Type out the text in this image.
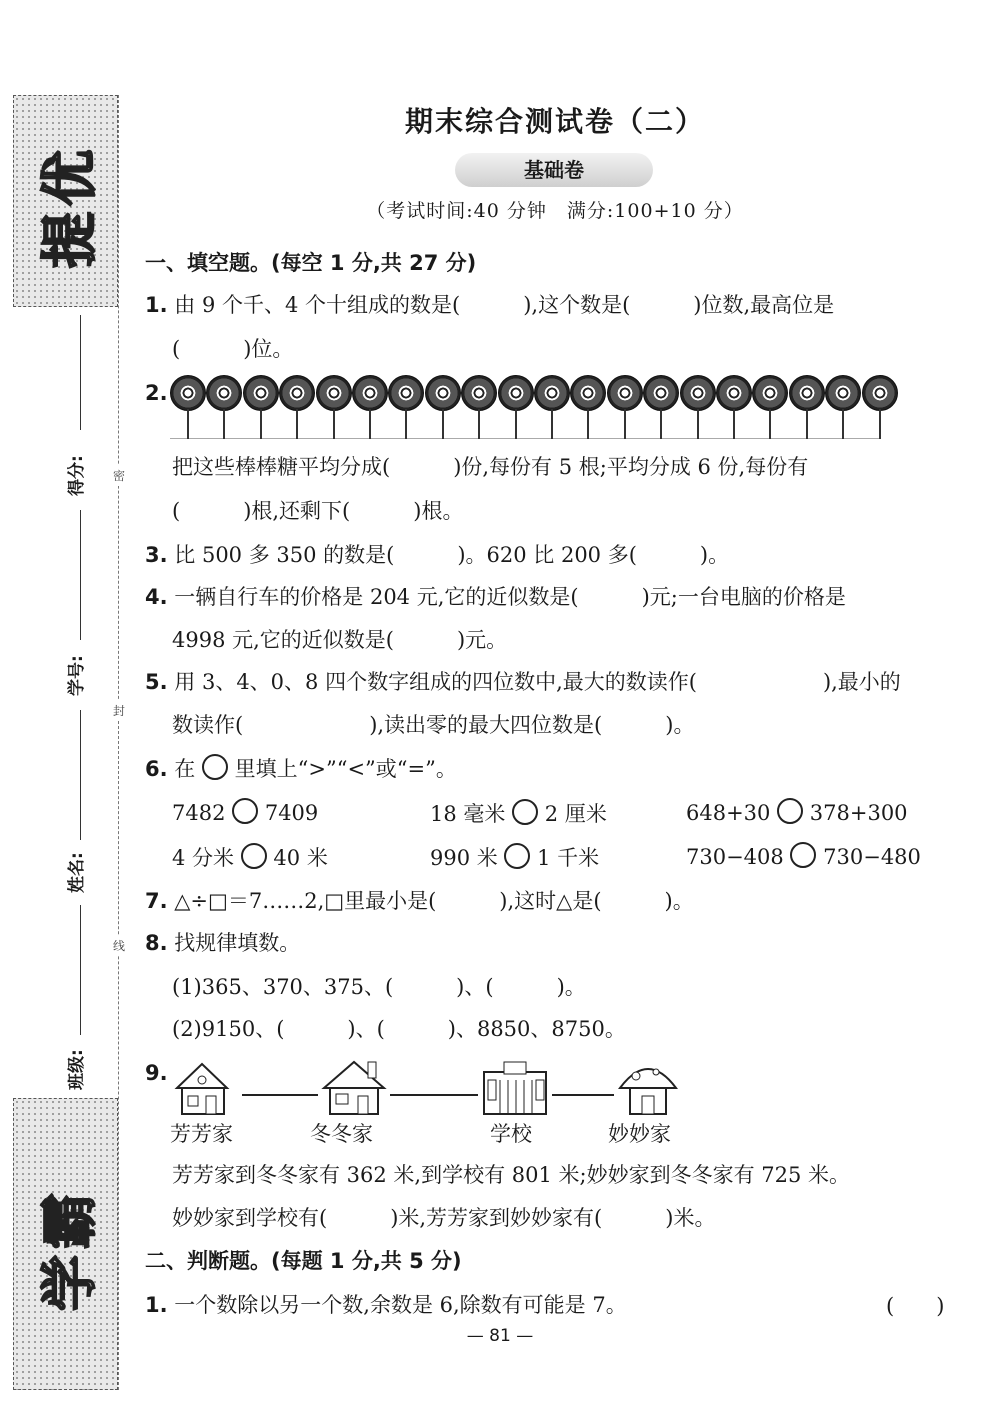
提优
得分:
学号:
姓名:
班级:
密
封
线
学霸
期末综合测试卷（二）
基础卷
（考试时间:40 分钟　满分:100+10 分）
一、填空题。(每空 1 分,共 27 分)
1. 由 9 个千、4 个十组成的数是(　　　),这个数是(　　　)位数,最高位是
(　　　)位。
2.
把这些棒棒糖平均分成(　　　)份,每份有 5 根;平均分成 6 份,每份有
(　　　)根,还剩下(　　　)根。
3. 比 500 多 350 的数是(　　　)。620 比 200 多(　　　)。
4. 一辆自行车的价格是 204 元,它的近似数是(　　　)元;一台电脑的价格是
4998 元,它的近似数是(　　　)元。
5. 用 3、4、0、8 四个数字组成的四位数中,最大的数读作(　　　　　　),最小的
数读作(　　　　　　),读出零的最大四位数是(　　　)。
6. 在 里填上“>”“<”或“=”。
7482 7409	18 毫米 2 厘米	648+30 378+300
4 分米 40 米	990 米 1 千米	730−408 730−480
7. △÷□＝7……2,□里最小是(　　　),这时△是(　　　)。
8. 找规律填数。
(1)365、370、375、(　　　)、(　　　)。
(2)9150、(　　　)、(　　　)、8850、8750。
9.
芳芳家	冬冬家	学校	妙妙家
芳芳家到冬冬家有 362 米,到学校有 801 米;妙妙家到冬冬家有 725 米。
妙妙家到学校有(　　　)米,芳芳家到妙妙家有(　　　)米。
二、判断题。(每题 1 分,共 5 分)
1. 一个数除以另一个数,余数是 6,除数有可能是 7。	(　　)
— 81 —
